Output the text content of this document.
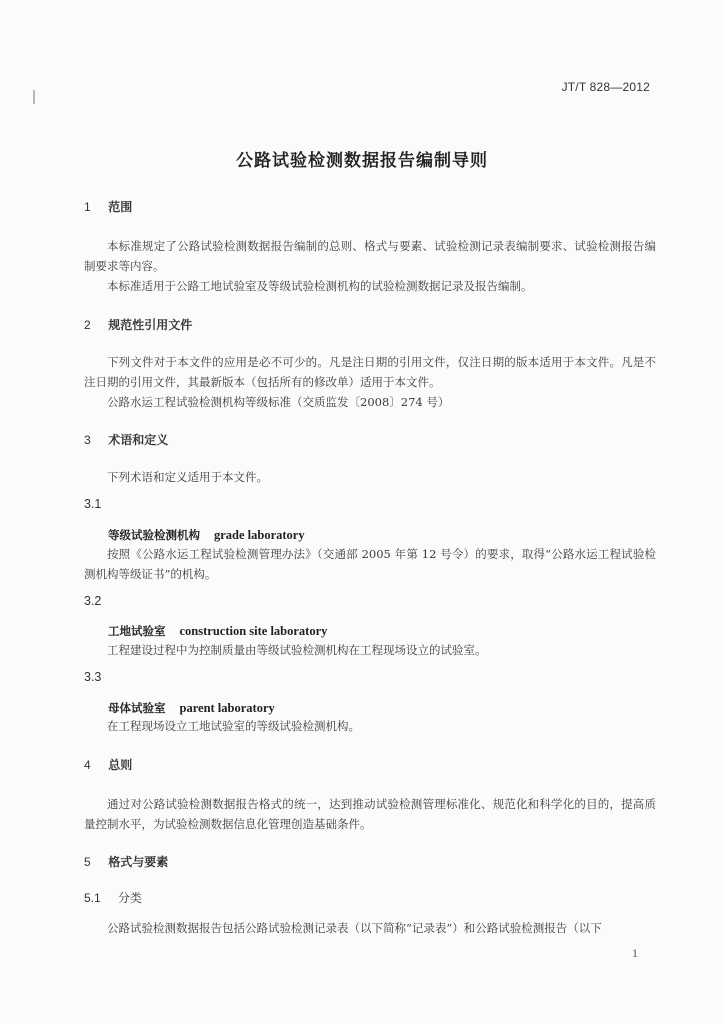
JT/T 828—2012
公路试验检测数据报告编制导则
1 范围

本标准规定了公路试验检测数据报告编制的总则、格式与要素、试验检测记录表编制要求、试验检测报告编制要求等内容。

本标准适用于公路工地试验室及等级试验检测机构的试验检测数据记录及报告编制。

2 规范性引用文件

下列文件对于本文件的应用是必不可少的。凡是注日期的引用文件，仅注日期的版本适用于本文件。凡是不注日期的引用文件，其最新版本（包括所有的修改单）适用于本文件。

公路水运工程试验检测机构等级标准（交质监发〔2008〕274 号）

3 术语和定义

下列术语和定义适用于本文件。

3.1
等级试验检测机构 grade laboratory

按照《公路水运工程试验检测管理办法》（交通部 2005 年第 12 号令）的要求，取得“公路水运工程试验检测机构等级证书”的机构。

3.2
工地试验室 construction site laboratory

工程建设过程中为控制质量由等级试验检测机构在工程现场设立的试验室。

3.3
母体试验室 parent laboratory

在工程现场设立工地试验室的等级试验检测机构。

4 总则

通过对公路试验检测数据报告格式的统一，达到推动试验检测管理标准化、规范化和科学化的目的，提高质量控制水平，为试验检测数据信息化管理创造基础条件。

5 格式与要素
5.1 分类

公路试验检测数据报告包括公路试验检测记录表（以下简称“记录表”）和公路试验检测报告（以下

1
